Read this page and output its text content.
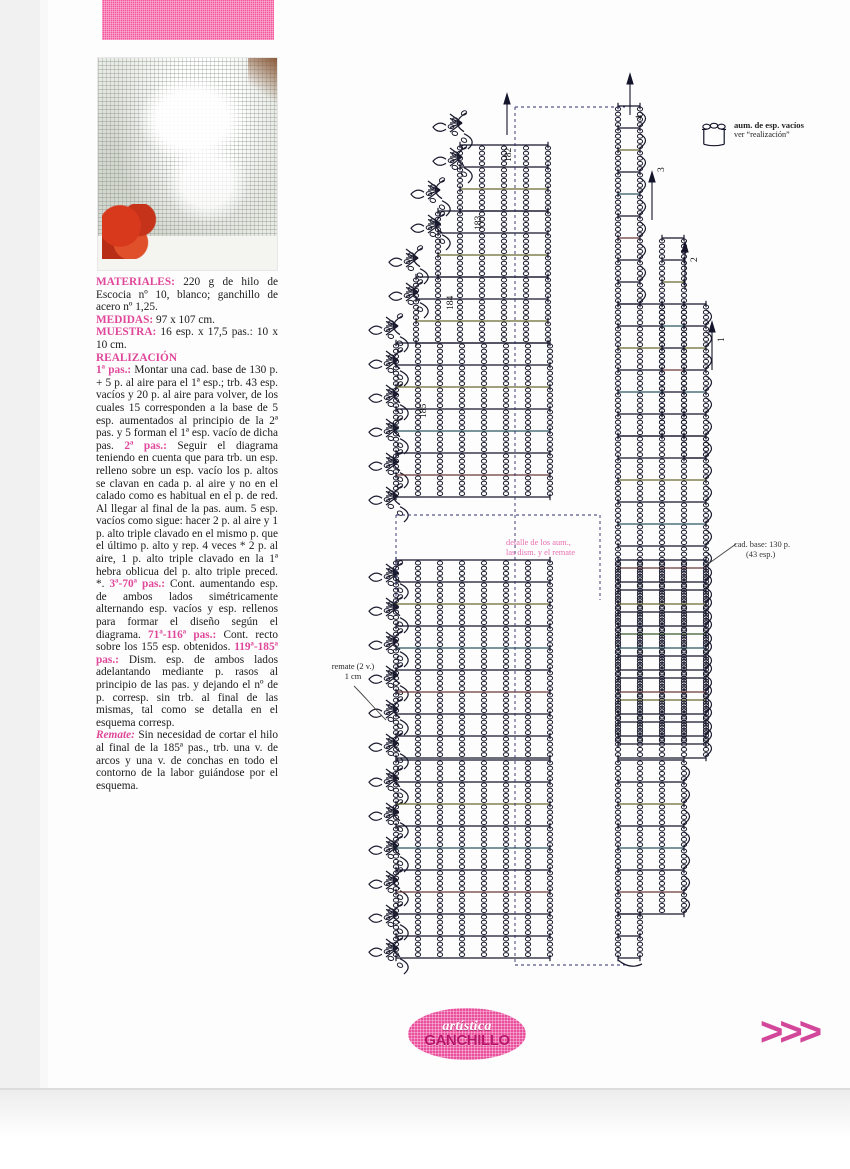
MATERIALES: 220 g de hilo de Escocia nº 10, blanco; ganchillo de acero nº 1,25.
MEDIDAS: 97 x 107 cm.
MUESTRA: 16 esp. x 17,5 pas.: 10 x 10 cm.
REALIZACIÓN
1ª pas.: Montar una cad. base de 130 p. + 5 p. al aire para el 1ª esp.; trb. 43 esp. vacíos y 20 p. al aire para volver, de los cuales 15 corresponden a la base de 5 esp. aumentados al principio de la 2ª pas. y 5 forman el 1ª esp. vacío de dicha pas. 2ª pas.: Seguir el diagrama teniendo en cuenta que para trb. un esp. relleno sobre un esp. vacío los p. altos se clavan en cada p. al aire y no en el calado como es habitual en el p. de red. Al llegar al final de la pas. aum. 5 esp. vacíos como sigue: hacer 2 p. al aire y 1 p. alto triple clavado en el mismo p. que el último p. alto y rep. 4 veces * 2 p. al aire, 1 p. alto triple clavado en la 1ª hebra oblicua del p. alto triple preced. *. 3ª-70ª pas.: Cont. aumentando esp. de ambos lados simétricamente alternando esp. vacíos y esp. rellenos para formar el diseño según el diagrama. 71ª-116ª pas.: Cont. recto sobre los 155 esp. obtenidos. 119ª-185ª pas.: Dism. esp. de ambos lados adelantando mediante p. rasos al principio de las pas. y dejando el nº de p. corresp. sin trb. al final de las mismas, tal como se detalla en el esquema corresp.
Remate: Sin necesidad de cortar el hilo al final de la 185ª pas., trb. una v. de arcos y una v. de conchas en todo el contorno de la labor guiándose por el esquema.

182
183
184
185
4
3
2
1
aum. de esp. vacíos
ver “realización”
detalle de los aum.,
las dism. y el remate
cad. base: 130 p.
(43 esp.)
remate (2 v.)
1 cm
artística
GANCHILLO	>>>
